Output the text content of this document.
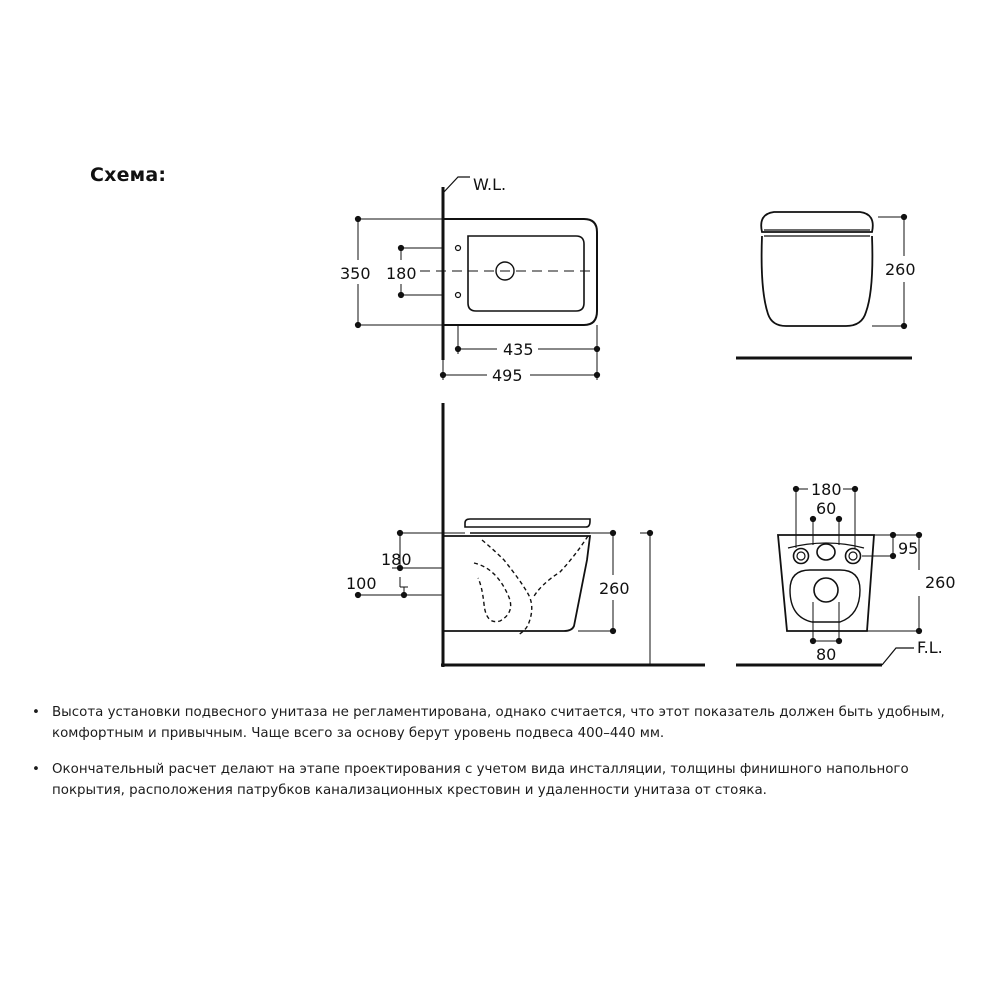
Схема:	W.L.
350 180
435
495
260
180
100	260
180
60
95
260
80	F.L.
• Высота установки подвесного унитаза не регламентирована, однако считается, что этот показатель должен быть удобным, комфортным и привычным. Чаще всего за основу берут уровень подвеса 400–440 мм.
• Окончательный расчет делают на этапе проектирования с учетом вида инсталляции, толщины финишного напольного покрытия, расположения патрубков канализационных крестовин и удаленности унитаза от стояка.
